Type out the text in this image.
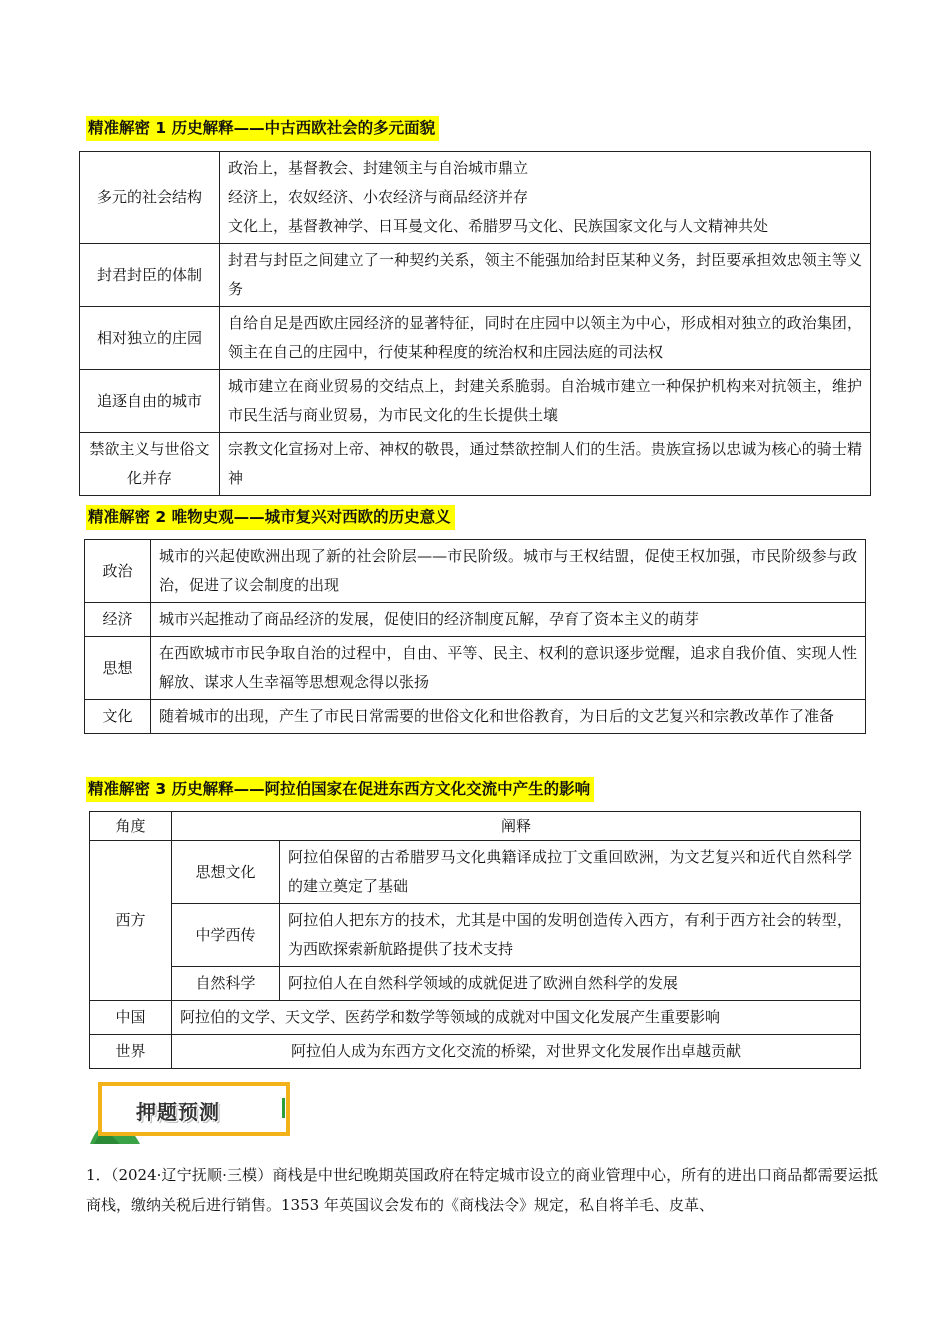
精准解密 1 历史解释——中古西欧社会的多元面貌
多元的社会结构	政治上，基督教会、封建领主与自治城市鼎立
经济上，农奴经济、小农经济与商品经济并存
文化上，基督教神学、日耳曼文化、希腊罗马文化、民族国家文化与人文精神共处

封君封臣的体制	封君与封臣之间建立了一种契约关系，领主不能强加给封臣某种义务，封臣要承担效忠领主等义务
相对独立的庄园	自给自足是西欧庄园经济的显著特征，同时在庄园中以领主为中心，形成相对独立的政治集团，领主在自己的庄园中，行使某种程度的统治权和庄园法庭的司法权
追逐自由的城市	城市建立在商业贸易的交结点上，封建关系脆弱。自治城市建立一种保护机构来对抗领主，维护市民生活与商业贸易，为市民文化的生长提供土壤
禁欲主义与世俗文化并存	宗教文化宣扬对上帝、神权的敬畏，通过禁欲控制人们的生活。贵族宣扬以忠诚为核心的骑士精神
精准解密 2 唯物史观——城市复兴对西欧的历史意义
政治	城市的兴起使欧洲出现了新的社会阶层——市民阶级。城市与王权结盟，促使王权加强，市民阶级参与政治，促进了议会制度的出现
经济	城市兴起推动了商品经济的发展，促使旧的经济制度瓦解，孕育了资本主义的萌芽
思想	在西欧城市市民争取自治的过程中，自由、平等、民主、权利的意识逐步觉醒，追求自我价值、实现人性解放、谋求人生幸福等思想观念得以张扬
文化	随着城市的出现，产生了市民日常需要的世俗文化和世俗教育，为日后的文艺复兴和宗教改革作了准备
精准解密 3 历史解释——阿拉伯国家在促进东西方文化交流中产生的影响
角度	阐释	
西方	思想文化	阿拉伯保留的古希腊罗马文化典籍译成拉丁文重回欧洲，为文艺复兴和近代自然科学的建立奠定了基础
	中学西传	阿拉伯人把东方的技术，尤其是中国的发明创造传入西方，有利于西方社会的转型，为西欧探索新航路提供了技术支持
	自然科学	阿拉伯人在自然科学领域的成就促进了欧洲自然科学的发展
中国	阿拉伯的文学、天文学、医药学和数学等领域的成就对中国文化发展产生重要影响	
世界	阿拉伯人成为东西方文化交流的桥梁，对世界文化发展作出卓越贡献	
押题预测
1．（2024·辽宁抚顺·三模）商栈是中世纪晚期英国政府在特定城市设立的商业管理中心，所有的进出口商品都需要运抵商栈，缴纳关税后进行销售。1353 年英国议会发布的《商栈法令》规定，私自将羊毛、皮革、
